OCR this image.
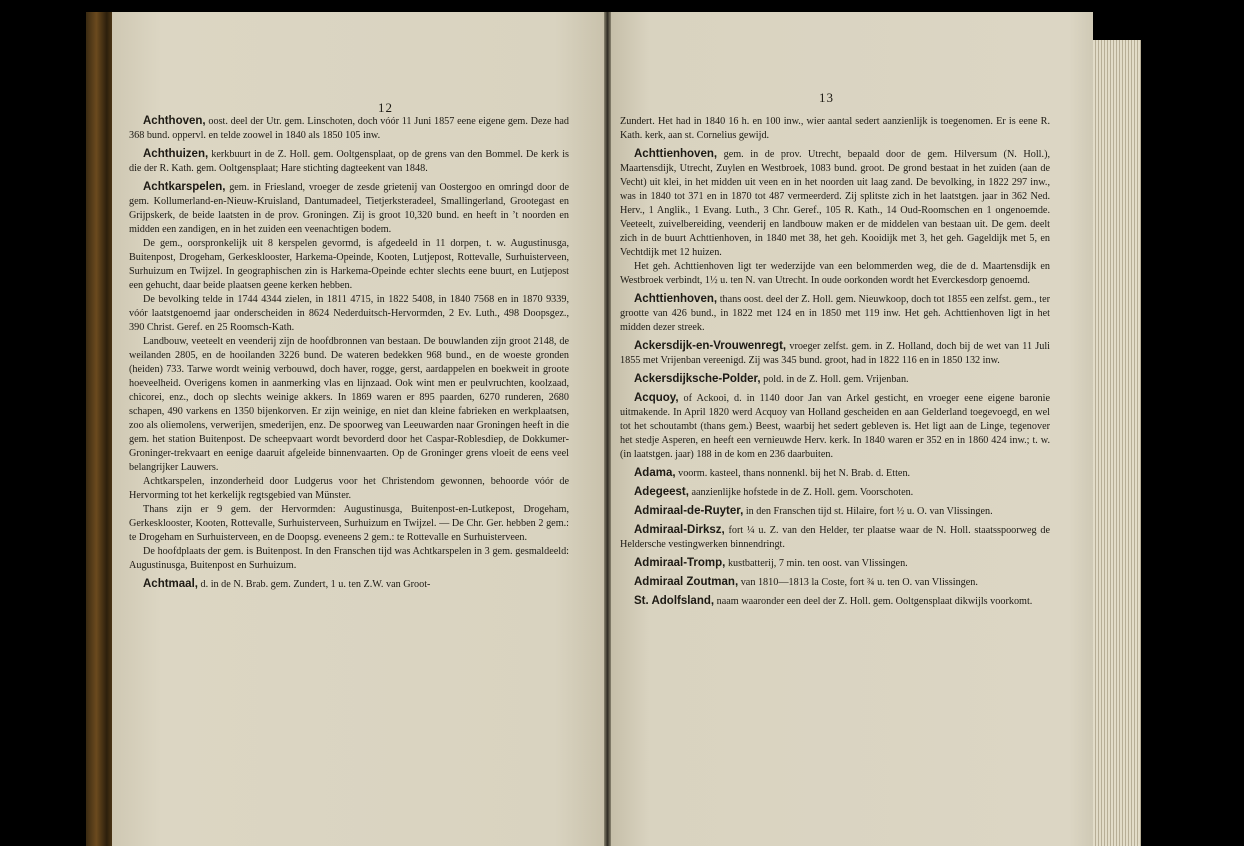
12

Achthoven, oost. deel der Utr. gem. Linschoten, doch vóór 11 Juni 1857 eene eigene gem. Deze had 368 bund. oppervl. en telde zoowel in 1840 als 1850 105 inw.

Achthuizen, kerkbuurt in de Z. Holl. gem. Ooltgensplaat, op de grens van den Bommel. De kerk is die der R. Kath. gem. Ooltgensplaat; Hare stichting dagteekent van 1848.

Achtkarspelen, gem. in Friesland, vroeger de zesde grietenij van Oostergoo en omringd door de gem. Kollumerland-en-Nieuw-Kruisland, Dantumadeel, Tietjerksteradeel, Smallingerland, Grootegast en Grijpskerk, de beide laatsten in de prov. Groningen. Zij is groot 10,320 bund. en heeft in ’t noorden en midden een zandigen, en in het zuiden een veenachtigen bodem.

De gem., oorspronkelijk uit 8 kerspelen gevormd, is afgedeeld in 11 dorpen, t. w. Augustinusga, Buitenpost, Drogeham, Gerkesklooster, Harkema-Opeinde, Kooten, Lutjepost, Rottevalle, Surhuisterveen, Surhuizum en Twijzel. In geographischen zin is Harkema-Opeinde echter slechts eene buurt, en Lutjepost een gehucht, daar beide plaatsen geene kerken hebben.

De bevolking telde in 1744 4344 zielen, in 1811 4715, in 1822 5408, in 1840 7568 en in 1870 9339, vóór laatstgenoemd jaar onderscheiden in 8624 Nederduitsch-Hervormden, 2 Ev. Luth., 498 Doopsgez., 390 Christ. Geref. en 25 Roomsch-Kath.

Landbouw, veeteelt en veenderij zijn de hoofdbronnen van bestaan. De bouwlanden zijn groot 2148, de weilanden 2805, en de hooilanden 3226 bund. De wateren bedekken 968 bund., en de woeste gronden (heiden) 733. Tarwe wordt weinig verbouwd, doch haver, rogge, gerst, aardappelen en boekweit in groote hoeveelheid. Overigens komen in aanmerking vlas en lijnzaad. Ook wint men er peulvruchten, koolzaad, chicorei, enz., doch op slechts weinige akkers. In 1869 waren er 895 paarden, 6270 runderen, 2680 schapen, 490 varkens en 1350 bijenkorven. Er zijn weinige, en niet dan kleine fabrieken en werkplaatsen, zoo als oliemolens, verwerijen, smederijen, enz. De spoorweg van Leeuwarden naar Groningen heeft in die gem. het station Buitenpost. De scheepvaart wordt bevorderd door het Caspar-Roblesdiep, de Dokkumer-Groninger-trekvaart en eenige daaruit afgeleide binnenvaarten. Op de Groninger grens vloeit de eens veel belangrijker Lauwers.

Achtkarspelen, inzonderheid door Ludgerus voor het Christendom gewonnen, behoorde vóór de Hervorming tot het kerkelijk regtsgebied van Münster.

Thans zijn er 9 gem. der Hervormden: Augustinusga, Buitenpost-en-Lutkepost, Drogeham, Gerkesklooster, Kooten, Rottevalle, Surhuisterveen, Surhuizum en Twijzel. — De Chr. Ger. hebben 2 gem.: te Drogeham en Surhuisterveen, en de Doopsg. eveneens 2 gem.: te Rottevalle en Surhuisterveen.

De hoofdplaats der gem. is Buitenpost. In den Franschen tijd was Achtkarspelen in 3 gem. gesmaldeeld: Augustinusga, Buitenpost en Surhuizum.

Achtmaal, d. in de N. Brab. gem. Zundert, 1 u. ten Z.W. van Groot-

13

Zundert. Het had in 1840 16 h. en 100 inw., wier aantal sedert aanzienlijk is toegenomen. Er is eene R. Kath. kerk, aan st. Cornelius gewijd.

Achttienhoven, gem. in de prov. Utrecht, bepaald door de gem. Hilversum (N. Holl.), Maartensdijk, Utrecht, Zuylen en Westbroek, 1083 bund. groot. De grond bestaat in het zuiden (aan de Vecht) uit klei, in het midden uit veen en in het noorden uit laag zand. De bevolking, in 1822 297 inw., was in 1840 tot 371 en in 1870 tot 487 vermeerderd. Zij splitste zich in het laatstgen. jaar in 362 Ned. Herv., 1 Anglik., 1 Evang. Luth., 3 Chr. Geref., 105 R. Kath., 14 Oud-Roomschen en 1 ongenoemde. Veeteelt, zuivelbereiding, veenderij en landbouw maken er de middelen van bestaan uit. De gem. deelt zich in de buurt Achttienhoven, in 1840 met 38, het geh. Kooidijk met 3, het geh. Gageldijk met 5, en Vechtdijk met 12 huizen.

Het geh. Achttienhoven ligt ter wederzijde van een belommerden weg, die de d. Maartensdijk en Westbroek verbindt, 1½ u. ten N. van Utrecht. In oude oorkonden wordt het Everckesdorp genoemd.

Achttienhoven, thans oost. deel der Z. Holl. gem. Nieuwkoop, doch tot 1855 een zelfst. gem., ter grootte van 426 bund., in 1822 met 124 en in 1850 met 119 inw. Het geh. Achttienhoven ligt in het midden dezer streek.

Ackersdijk-en-Vrouwenregt, vroeger zelfst. gem. in Z. Holland, doch bij de wet van 11 Juli 1855 met Vrijenban vereenigd. Zij was 345 bund. groot, had in 1822 116 en in 1850 132 inw.

Ackersdijksche-Polder, pold. in de Z. Holl. gem. Vrijenban.

Acquoy, of Ackooi, d. in 1140 door Jan van Arkel gesticht, en vroeger eene eigene baronie uitmakende. In April 1820 werd Acquoy van Holland gescheiden en aan Gelderland toegevoegd, en wel tot het schoutambt (thans gem.) Beest, waarbij het sedert gebleven is. Het ligt aan de Linge, tegenover het stedje Asperen, en heeft een vernieuwde Herv. kerk. In 1840 waren er 352 en in 1860 424 inw.; t. w. (in laatstgen. jaar) 188 in de kom en 236 daarbuiten.

Adama, voorm. kasteel, thans nonnenkl. bij het N. Brab. d. Etten.

Adegeest, aanzienlijke hofstede in de Z. Holl. gem. Voorschoten.

Admiraal-de-Ruyter, in den Franschen tijd st. Hilaire, fort ½ u. O. van Vlissingen.

Admiraal-Dirksz, fort ¼ u. Z. van den Helder, ter plaatse waar de N. Holl. staatsspoorweg de Heldersche vestingwerken binnendringt.

Admiraal-Tromp, kustbatterij, 7 min. ten oost. van Vlissingen.

Admiraal Zoutman, van 1810—1813 la Coste, fort ¾ u. ten O. van Vlissingen.

St. Adolfsland, naam waaronder een deel der Z. Holl. gem. Ooltgensplaat dikwijls voorkomt.
